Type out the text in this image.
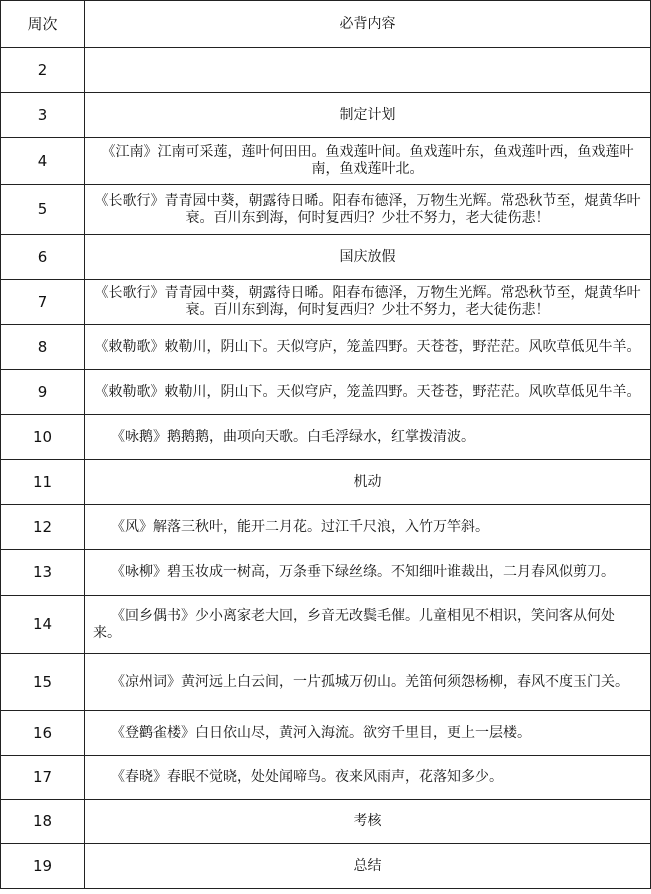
周次	必背内容
2	
3	制定计划
4	《江南》江南可采莲，莲叶何田田。鱼戏莲叶间。鱼戏莲叶东，鱼戏莲叶西，鱼戏莲叶南，鱼戏莲叶北。
5	《长歌行》青青园中葵，朝露待日晞。阳春布德泽，万物生光辉。常恐秋节至，焜黄华叶衰。百川东到海，何时复西归？少壮不努力，老大徒伤悲！
6	国庆放假
7	《长歌行》青青园中葵，朝露待日晞。阳春布德泽，万物生光辉。常恐秋节至，焜黄华叶衰。百川东到海，何时复西归？少壮不努力，老大徒伤悲！
8	《敕勒歌》敕勒川，阴山下。天似穹庐，笼盖四野。天苍苍，野茫茫。风吹草低见牛羊。
9	《敕勒歌》敕勒川，阴山下。天似穹庐，笼盖四野。天苍苍，野茫茫。风吹草低见牛羊。
10	《咏鹅》鹅鹅鹅，曲项向天歌。白毛浮绿水，红掌拨清波。

11	机动
12	《风》解落三秋叶，能开二月花。过江千尺浪，入竹万竿斜。

13	《咏柳》碧玉妆成一树高，万条垂下绿丝绦。不知细叶谁裁出，二月春风似剪刀。

14	《回乡偶书》少小离家老大回，乡音无改鬓毛催。儿童相见不相识，笑问客从何处来。

15	《凉州词》黄河远上白云间，一片孤城万仞山。羌笛何须怨杨柳，春风不度玉门关。

16	《登鹳雀楼》白日依山尽，黄河入海流。欲穷千里目，更上一层楼。

17	《春晓》春眠不觉晓，处处闻啼鸟。夜来风雨声，花落知多少。

18	考核
19	总结
